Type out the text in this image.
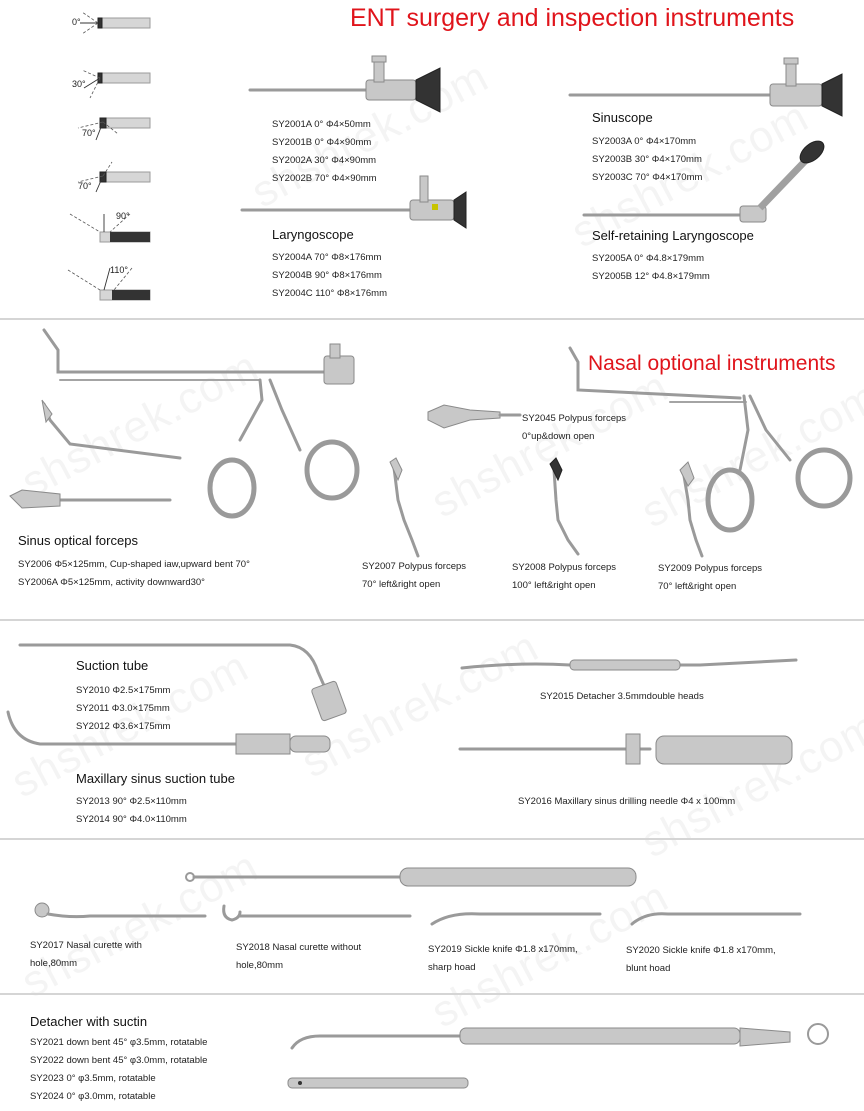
ENT surgery and inspection instruments
0°
30°
70°
70°
90°
110°
SY2001A 0° Φ4×50mm
SY2001B 0° Φ4×90mm
SY2002A 30° Φ4×90mm
SY2002B 70° Φ4×90mm
Sinuscope
SY2003A 0° Φ4×170mm
SY2003B 30° Φ4×170mm
SY2003C 70° Φ4×170mm
Laryngoscope
SY2004A 70° Φ8×176mm
SY2004B 90° Φ8×176mm
SY2004C 110° Φ8×176mm
Self-retaining Laryngoscope
SY2005A 0° Φ4.8×179mm
SY2005B 12° Φ4.8×179mm
Nasal optional instruments
Sinus optical forceps
SY2006 Φ5×125mm, Cup-shaped iaw,upward bent 70°
SY2006A Φ5×125mm, activity downward30°
SY2045 Polypus forceps
0°up&down open
SY2007 Polypus forceps
70° left&right open
SY2008 Polypus forceps
100° left&right open
SY2009 Polypus forceps
70° left&right open
Suction tube
SY2010 Φ2.5×175mm
SY2011 Φ3.0×175mm
SY2012 Φ3.6×175mm
Maxillary sinus suction tube
SY2013 90° Φ2.5×110mm
SY2014 90° Φ4.0×110mm
SY2015 Detacher 3.5mmdouble heads
SY2016 Maxillary sinus drilling needle Φ4 x 100mm
SY2017 Nasal curette with
hole,80mm
SY2018 Nasal curette without
hole,80mm
SY2019 Sickle knife Φ1.8 x170mm,
sharp hoad
SY2020 Sickle knife Φ1.8 x170mm,
blunt hoad
Detacher with suctin
SY2021 down bent 45° φ3.5mm, rotatable
SY2022 down bent 45° φ3.0mm, rotatable
SY2023 0° φ3.5mm, rotatable
SY2024 0° φ3.0mm, rotatable
